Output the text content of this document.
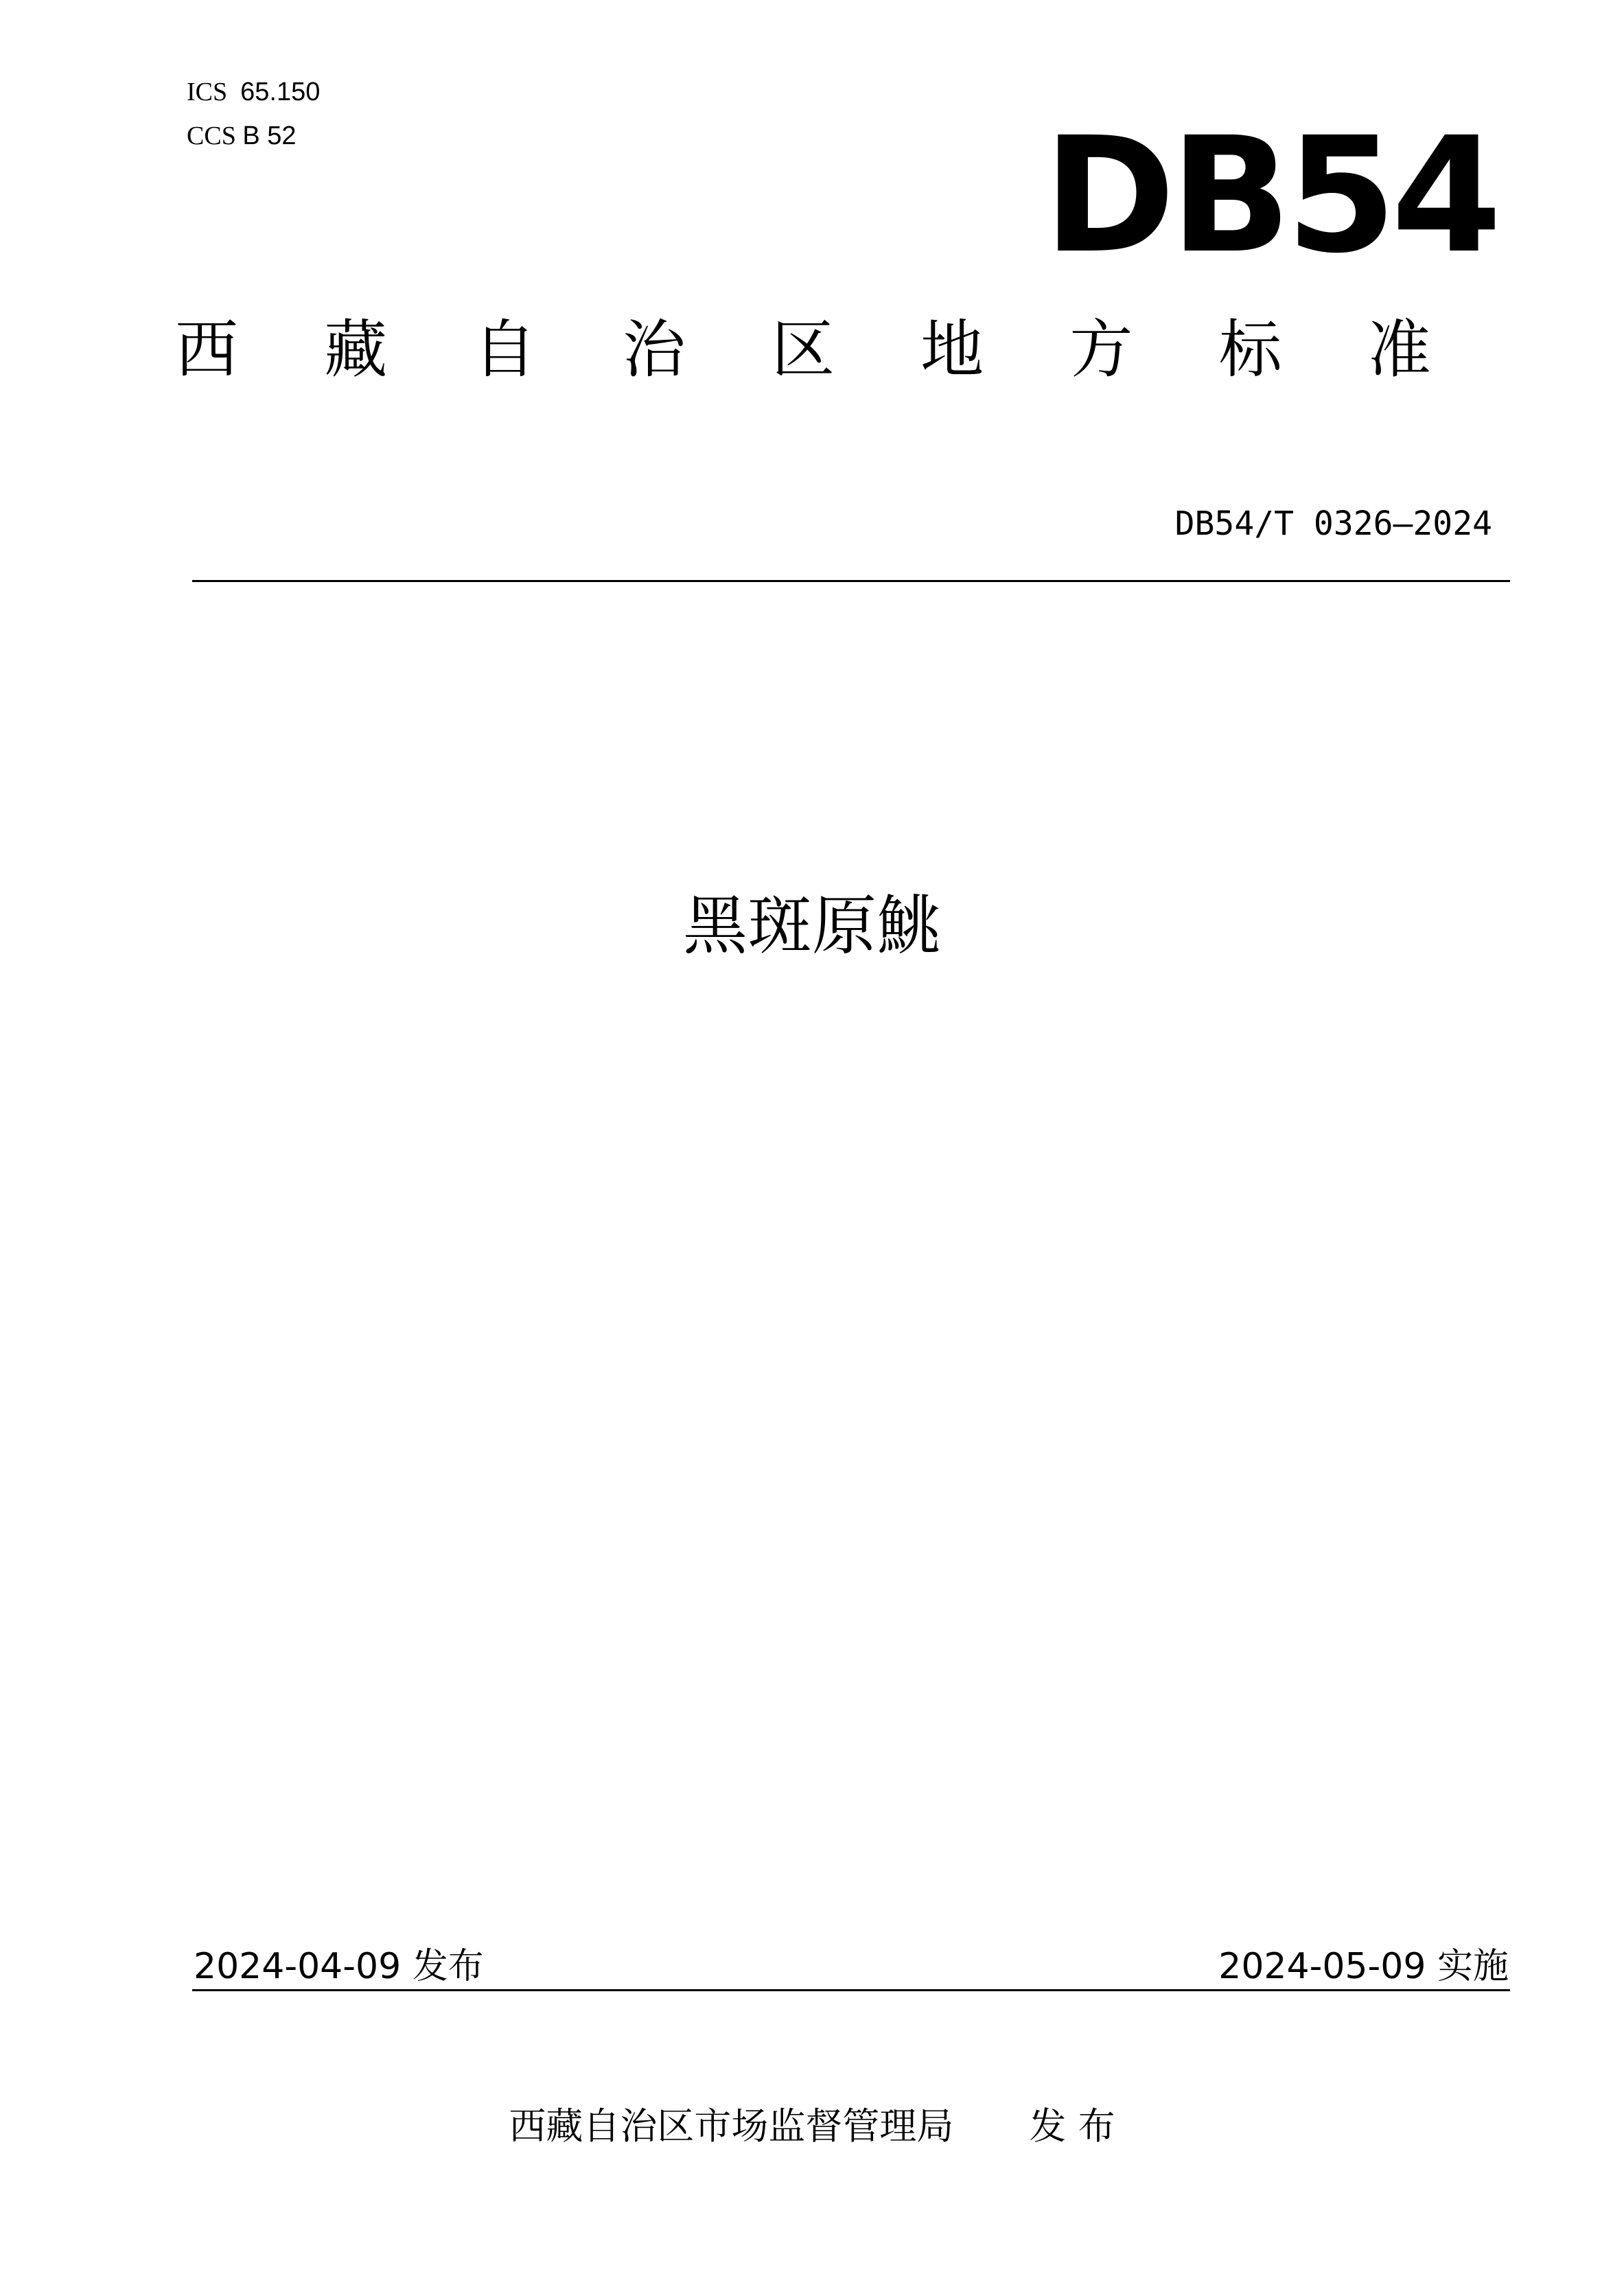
ICS 65.150
CCS B 52	DB54
西 藏 自 治 区 地 方 标 准
DB54/T 0326—2024
黑斑原鮡
2024-04-09 发布	2024-05-09 实施
西藏自治区市场监督管理局 发 布
